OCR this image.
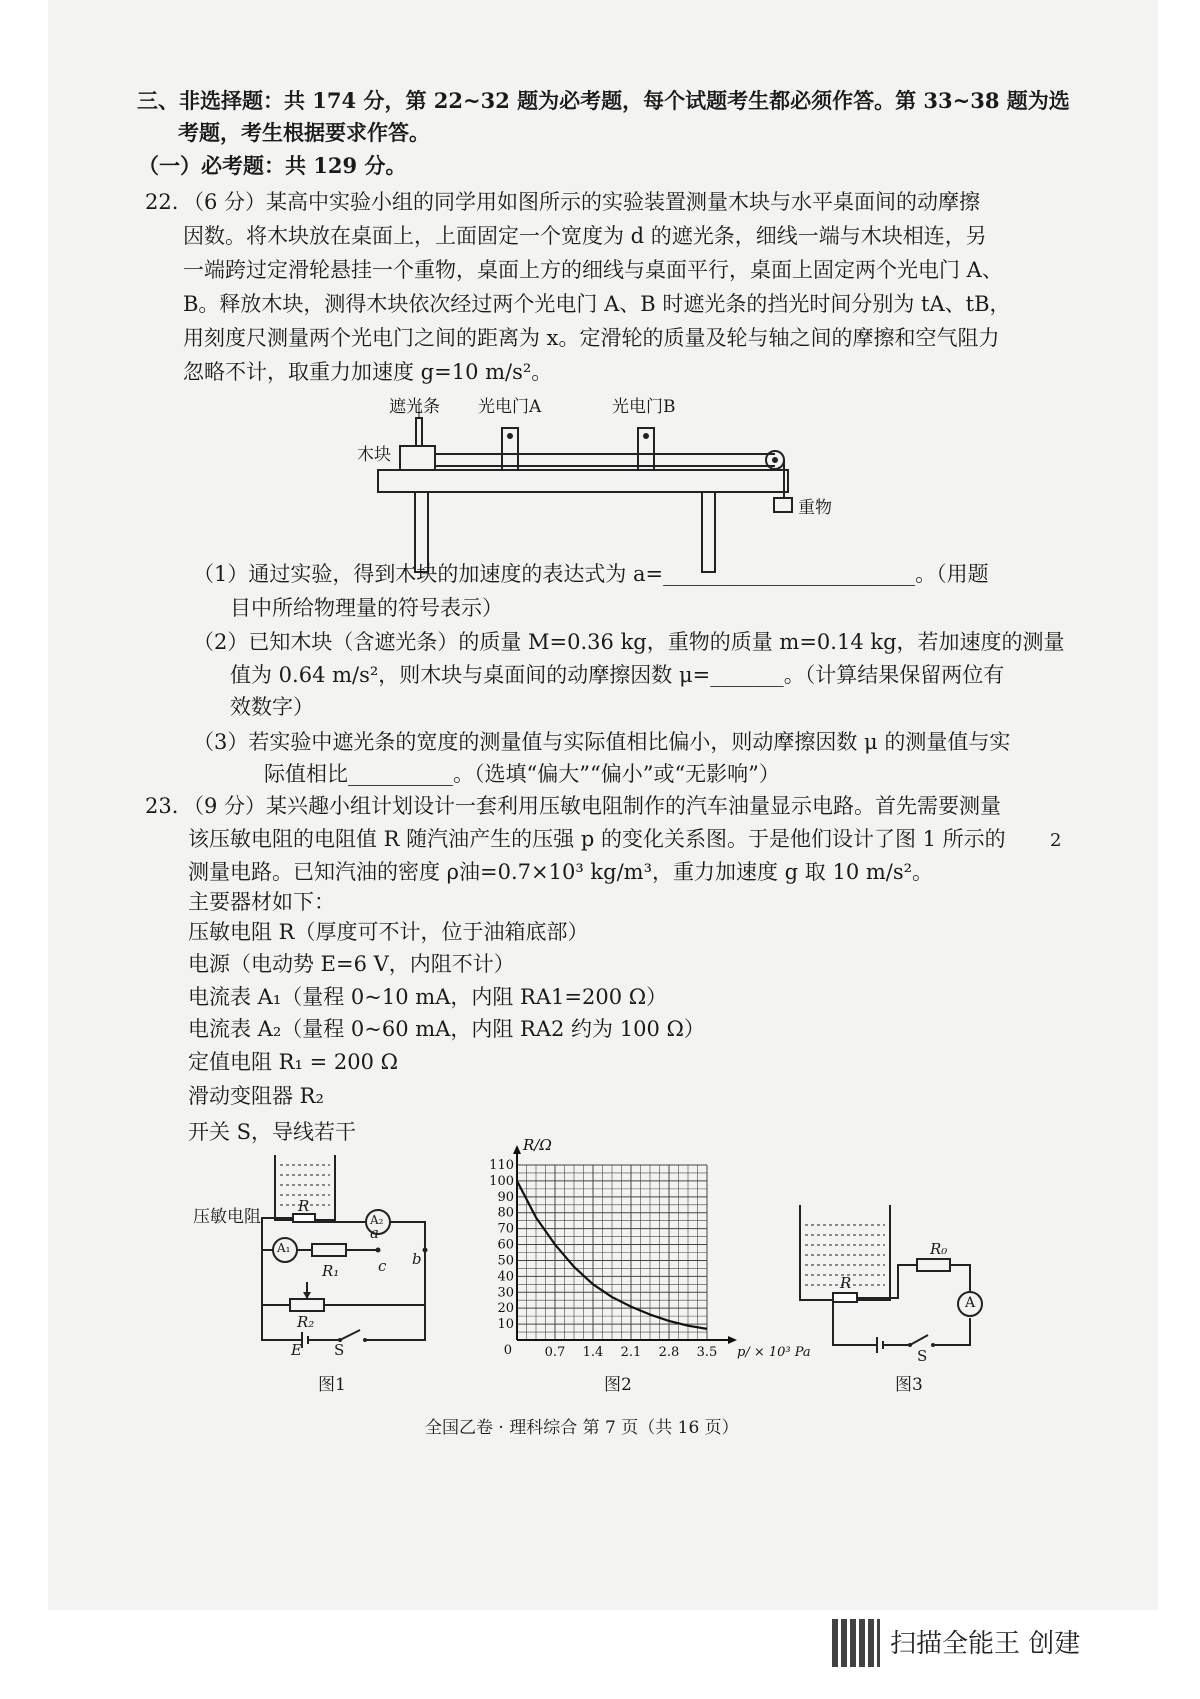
三、非选择题：共 174 分，第 22~32 题为必考题，每个试题考生都必须作答。第 33~38 题为选
考题，考生根据要求作答。
（一）必考题：共 129 分。
22. （6 分）某高中实验小组的同学用如图所示的实验装置测量木块与水平桌面间的动摩擦
因数。将木块放在桌面上，上面固定一个宽度为 d 的遮光条，细线一端与木块相连，另
一端跨过定滑轮悬挂一个重物，桌面上方的细线与桌面平行，桌面上固定两个光电门 A、
B。释放木块，测得木块依次经过两个光电门 A、B 时遮光条的挡光时间分别为 tA、tB，
用刻度尺测量两个光电门之间的距离为 x。定滑轮的质量及轮与轴之间的摩擦和空气阻力
忽略不计，取重力加速度 g=10 m/s²。
遮光条 光电门A	光电门B
木块
重物
（1）通过实验，得到木块的加速度的表达式为 a=________________________。（用题
目中所给物理量的符号表示）
（2）已知木块（含遮光条）的质量 M=0.36 kg，重物的质量 m=0.14 kg，若加速度的测量
值为 0.64 m/s²，则木块与桌面间的动摩擦因数 μ=_______。（计算结果保留两位有
效数字）
（3）若实验中遮光条的宽度的测量值与实际值相比偏小，则动摩擦因数 μ 的测量值与实
际值相比__________。（选填“偏大”“偏小”或“无影响”）
23. （9 分）某兴趣小组计划设计一套利用压敏电阻制作的汽车油量显示电路。首先需要测量
该压敏电阻的电阻值 R 随汽油产生的压强 p 的变化关系图。于是他们设计了图 1 所示的
测量电路。已知汽油的密度 ρ油=0.7×10³ kg/m³，重力加速度 g 取 10 m/s²。
2
主要器材如下：
压敏电阻 R（厚度可不计，位于油箱底部）
电源（电动势 E=6 V，内阻不计）
电流表 A₁（量程 0~10 mA，内阻 RA1=200 Ω）
电流表 A₂（量程 0~60 mA，内阻 RA2 约为 100 Ω）
定值电阻 R₁ = 200 Ω
滑动变阻器 R₂
开关 S，导线若干
压敏电阻
R
A₂
A₁
R₁
a
b
c
R₂
E S
图1
10
20
30
40
50
60
70
80
90
100
110
0.7 1.4 2.1 2.8 3.5
0
R/Ω
p/ × 10³ Pa
图2
R₀
R
A
S
图3
全国乙卷 · 理科综合 第 7 页（共 16 页）
扫描全能王 创建
